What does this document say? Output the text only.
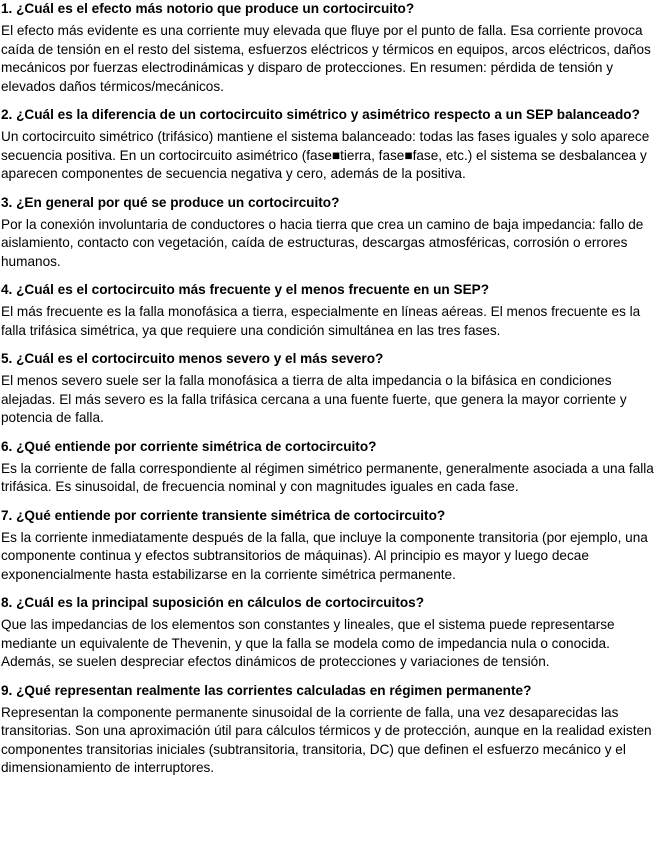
1. ¿Cuál es el efecto más notorio que produce un cortocircuito?

El efecto más evidente es una corriente muy elevada que fluye por el punto de falla. Esa corriente provoca caída de tensión en el resto del sistema, esfuerzos eléctricos y térmicos en equipos, arcos eléctricos, daños mecánicos por fuerzas electrodinámicas y disparo de protecciones. En resumen: pérdida de tensión y elevados daños térmicos/mecánicos.

2. ¿Cuál es la diferencia de un cortocircuito simétrico y asimétrico respecto a un SEP balanceado?

Un cortocircuito simétrico (trifásico) mantiene el sistema balanceado: todas las fases iguales y solo aparece secuencia positiva. En un cortocircuito asimétrico (fase■tierra, fase■fase, etc.) el sistema se desbalancea y aparecen componentes de secuencia negativa y cero, además de la positiva.

3. ¿En general por qué se produce un cortocircuito?

Por la conexión involuntaria de conductores o hacia tierra que crea un camino de baja impedancia: fallo de aislamiento, contacto con vegetación, caída de estructuras, descargas atmosféricas, corrosión o errores humanos.

4. ¿Cuál es el cortocircuito más frecuente y el menos frecuente en un SEP?

El más frecuente es la falla monofásica a tierra, especialmente en líneas aéreas. El menos frecuente es la falla trifásica simétrica, ya que requiere una condición simultánea en las tres fases.

5. ¿Cuál es el cortocircuito menos severo y el más severo?

El menos severo suele ser la falla monofásica a tierra de alta impedancia o la bifásica en condiciones alejadas. El más severo es la falla trifásica cercana a una fuente fuerte, que genera la mayor corriente y potencia de falla.

6. ¿Qué entiende por corriente simétrica de cortocircuito?

Es la corriente de falla correspondiente al régimen simétrico permanente, generalmente asociada a una falla trifásica. Es sinusoidal, de frecuencia nominal y con magnitudes iguales en cada fase.

7. ¿Qué entiende por corriente transiente simétrica de cortocircuito?

Es la corriente inmediatamente después de la falla, que incluye la componente transitoria (por ejemplo, una componente continua y efectos subtransitorios de máquinas). Al principio es mayor y luego decae exponencialmente hasta estabilizarse en la corriente simétrica permanente.

8. ¿Cuál es la principal suposición en cálculos de cortocircuitos?

Que las impedancias de los elementos son constantes y lineales, que el sistema puede representarse mediante un equivalente de Thevenin, y que la falla se modela como de impedancia nula o conocida. Además, se suelen despreciar efectos dinámicos de protecciones y variaciones de tensión.

9. ¿Qué representan realmente las corrientes calculadas en régimen permanente?

Representan la componente permanente sinusoidal de la corriente de falla, una vez desaparecidas las transitorias. Son una aproximación útil para cálculos térmicos y de protección, aunque en la realidad existen componentes transitorias iniciales (subtransitoria, transitoria, DC) que definen el esfuerzo mecánico y el dimensionamiento de interruptores.
